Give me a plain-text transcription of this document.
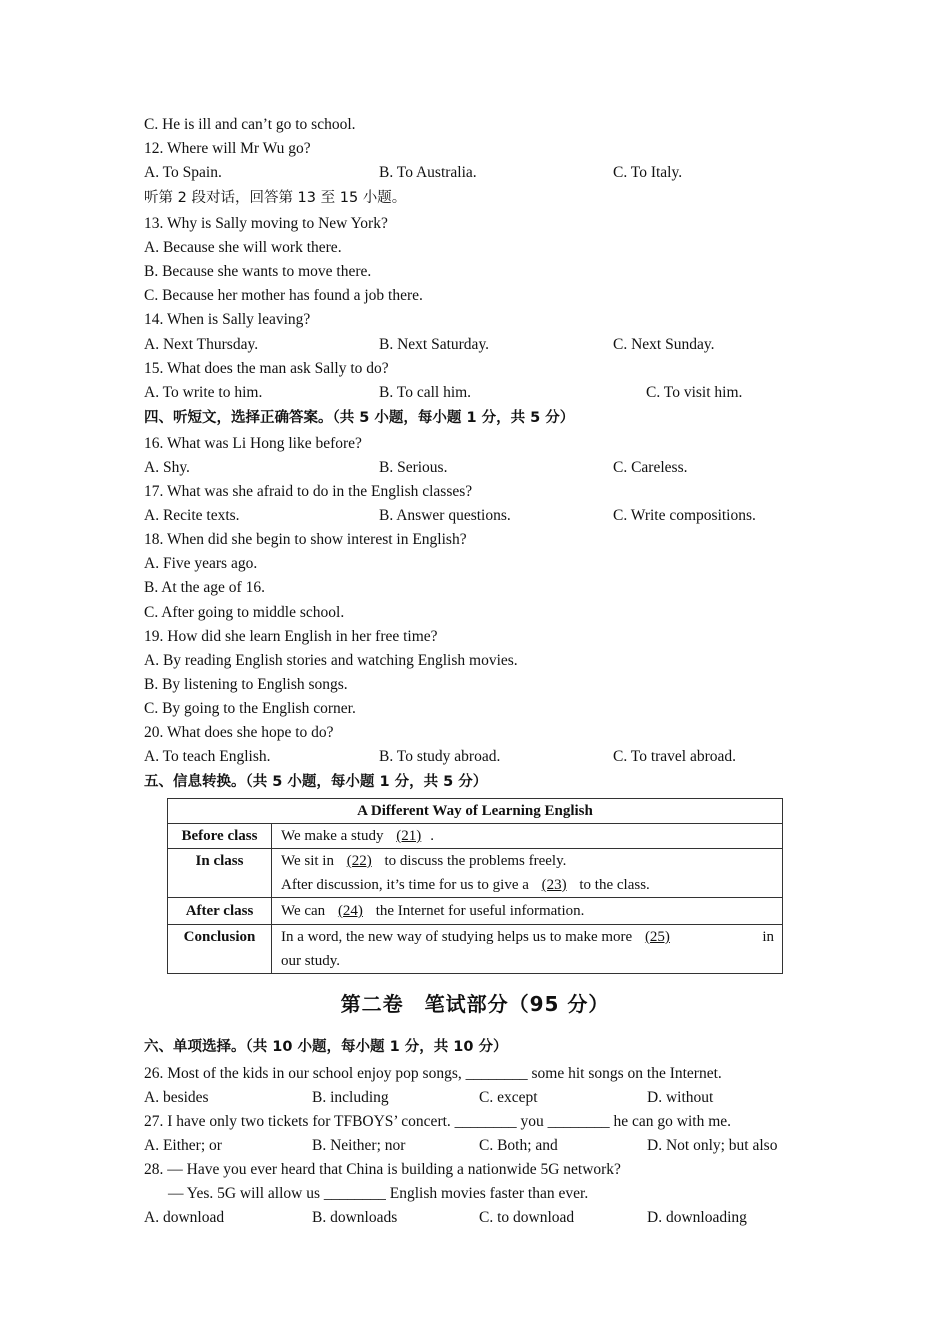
C. He is ill and can’t go to school.
12. Where will Mr Wu go?
A. To Spain.	B. To Australia.	C. To Italy.
听第 2 段对话，回答第 13 至 15 小题。
13. Why is Sally moving to New York?
A. Because she will work there.
B. Because she wants to move there.
C. Because her mother has found a job there.
14. When is Sally leaving?
A. Next Thursday.	B. Next Saturday.	C. Next Sunday.
15. What does the man ask Sally to do?
A. To write to him.	B. To call him.	C. To visit him.
四、听短文，选择正确答案。（共 5 小题，每小题 1 分，共 5 分）
16. What was Li Hong like before?
A. Shy.	B. Serious.	C. Careless.
17. What was she afraid to do in the English classes?
A. Recite texts.	B. Answer questions.	C. Write compositions.
18. When did she begin to show interest in English?
A. Five years ago.
B. At the age of 16.
C. After going to middle school.
19. How did she learn English in her free time?
A. By reading English stories and watching English movies.
B. By listening to English songs.
C. By going to the English corner.
20. What does she hope to do?
A. To teach English.	B. To study abroad.	C. To travel abroad.
五、信息转换。（共 5 小题，每小题 1 分，共 5 分）
A Different Way of Learning English	
Before class	We make a study (21) .
In class	We sit in (22) to discuss the problems freely.
After discussion, it’s time for us to give a (23) to the class.

After class	We can (24) the Internet for useful information.
Conclusion	In a word, the new way of studying helps us to make more (25) in
our study.
第二卷　笔试部分（95 分）
六、单项选择。（共 10 小题，每小题 1 分，共 10 分）
26. Most of the kids in our school enjoy pop songs, ________ some hit songs on the Internet.
A. besides	B. including	C. except	D. without
27. I have only two tickets for TFBOYS’ concert. ________ you ________ he can go with me.
A. Either; or	B. Neither; nor	C. Both; and	D. Not only; but also
28. — Have you ever heard that China is building a nationwide 5G network?
— Yes. 5G will allow us ________ English movies faster than ever.
A. download	B. downloads	C. to download	D. downloading
